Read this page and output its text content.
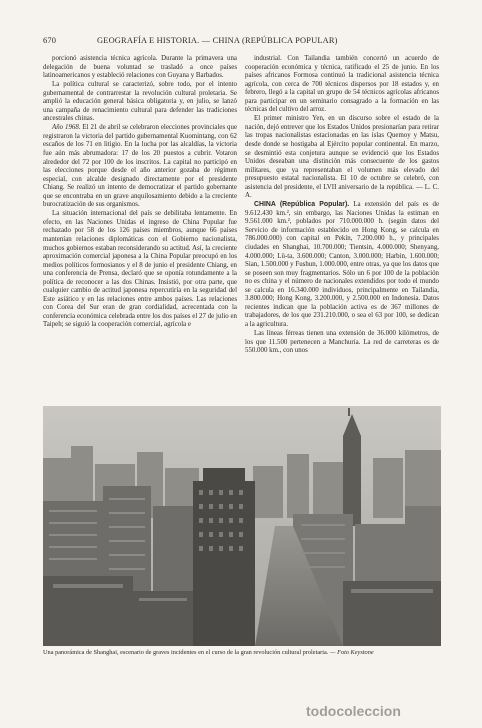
670	GEOGRAFÍA E HISTORIA. — CHINA (REPÚBLICA POPULAR)

porcionó asistencia técnica agrícola. Durante la primavera una delegación de buena voluntad se trasladó a once países latinoamericanos y estableció relaciones con Guyana y Barbados.

La política cultural se caracterizó, sobre todo, por el intento gubernamental de contrarrestar la revolución cultural proletaria. Se amplió la educación general básica obligatoria y, en julio, se lanzó una campaña de renacimiento cultural para defender las tradiciones ancestrales chinas.

Año 1968. El 21 de abril se celebraron elecciones provinciales que registraron la victoria del partido gubernamental Kuomintang, con 62 escaños de los 71 en litigio. En la lucha por las alcaldías, la victoria fue aún más abrumadora: 17 de los 20 puestos a cubrir. Votaron alrededor del 72 por 100 de los inscritos. La capital no participó en las elecciones porque desde el año anterior gozaba de régimen especial, con alcalde designado directamente por el presidente Chiang. Se realizó un intento de democratizar el partido gobernante que se encontraba en un grave anquilosamiento debido a la creciente burocratización de sus organismos.

La situación internacional del país se debilitaba lentamente. En efecto, en las Naciones Unidas el ingreso de China Popular fue rechazado por 58 de los 126 países miembros, aunque 66 países mantenían relaciones diplomáticas con el Gobierno nacionalista, muchos gobiernos estaban reconsiderando su actitud. Así, la creciente aproximación comercial japonesa a la China Popular preocupó en los medios políticos formosianos y el 8 de junio el presidente Chiang, en una conferencia de Prensa, declaró que se oponía rotundamente a la política de reconocer a las dos Chinas. Insistió, por otra parte, que cualquier cambio de actitud japonesa repercutiría en la seguridad del Este asiático y en las relaciones entre ambos países. Las relaciones con Corea del Sur eran de gran cordialidad, acrecentada con la conferencia económica celebrada entre los dos países el 27 de julio en Taipeh; se siguió la cooperación comercial, agrícola e

industrial. Con Tailandia también concertó un acuerdo de cooperación económica y técnica, ratificado el 25 de junio. En los países africanos Formosa continuó la tradicional asistencia técnica agrícola, con cerca de 700 técnicos dispersos por 18 estados y, en febrero, llegó a la capital un grupo de 54 técnicos agrícolas africanos para participar en un seminario consagrado a la formación en las técnicas del cultivo del arroz.

El primer ministro Yen, en un discurso sobre el estado de la nación, dejó entrever que los Estados Unidos presionarían para retirar las tropas nacionalistas estacionadas en las islas Quemoy y Matsu, desde donde se hostigaba al Ejército popular continental. En marzo, se desmintió esta conjetura aunque se evidenció que los Estados Unidos deseaban una distinción más consecuente de los gastos militares, que ya representaban el volumen más elevado del presupuesto estatal nacionalista. El 10 de octubre se celebró, con asistencia del presidente, el LVII aniversario de la república. — L. C. A.

CHINA (República Popular). La extensión del país es de 9.612.430 km.², sin embargo, las Naciones Unidas la estiman en 9.561.000 km.², poblados por 710.000.000 h. (según datos del Servicio de información establecido en Hong Kong, se calcula en 786.000.000) con capital en Pekín, 7.200.000 h., y principales ciudades en Shanghai, 10.700.000; Tientsin, 4.000.000; Shenyang, 4.000.000; Lü-ta, 3.600.000; Canton, 3.000.000; Harbin, 1.600.000; Sian, 1.500.000 y Fushun, 1.000.000, entre otras, ya que los datos que se poseen son muy fragmentarios. Sólo un 6 por 100 de la población no es china y el número de nacionales extendidos por todo el mundo se calcula en 16.340.000 individuos, principalmente en Tailandia, 3.800.000; Hong Kong, 3.200.000, y 2.500.000 en Indonesia. Datos recientes indican que la población activa es de 367 millones de trabajadores, de los que 231.210.000, o sea el 63 por 100, se dedican a la agricultura.

Las líneas férreas tienen una extensión de 36.000 kilómetros, de los que 11.500 pertenecen a Manchuria. La red de carreteras es de 550.000 km., con unos

Una panorámica de Shanghai, escenario de graves incidentes en el curso de la gran revolución cultural proletaria. — Foto Keystone
todocoleccion
